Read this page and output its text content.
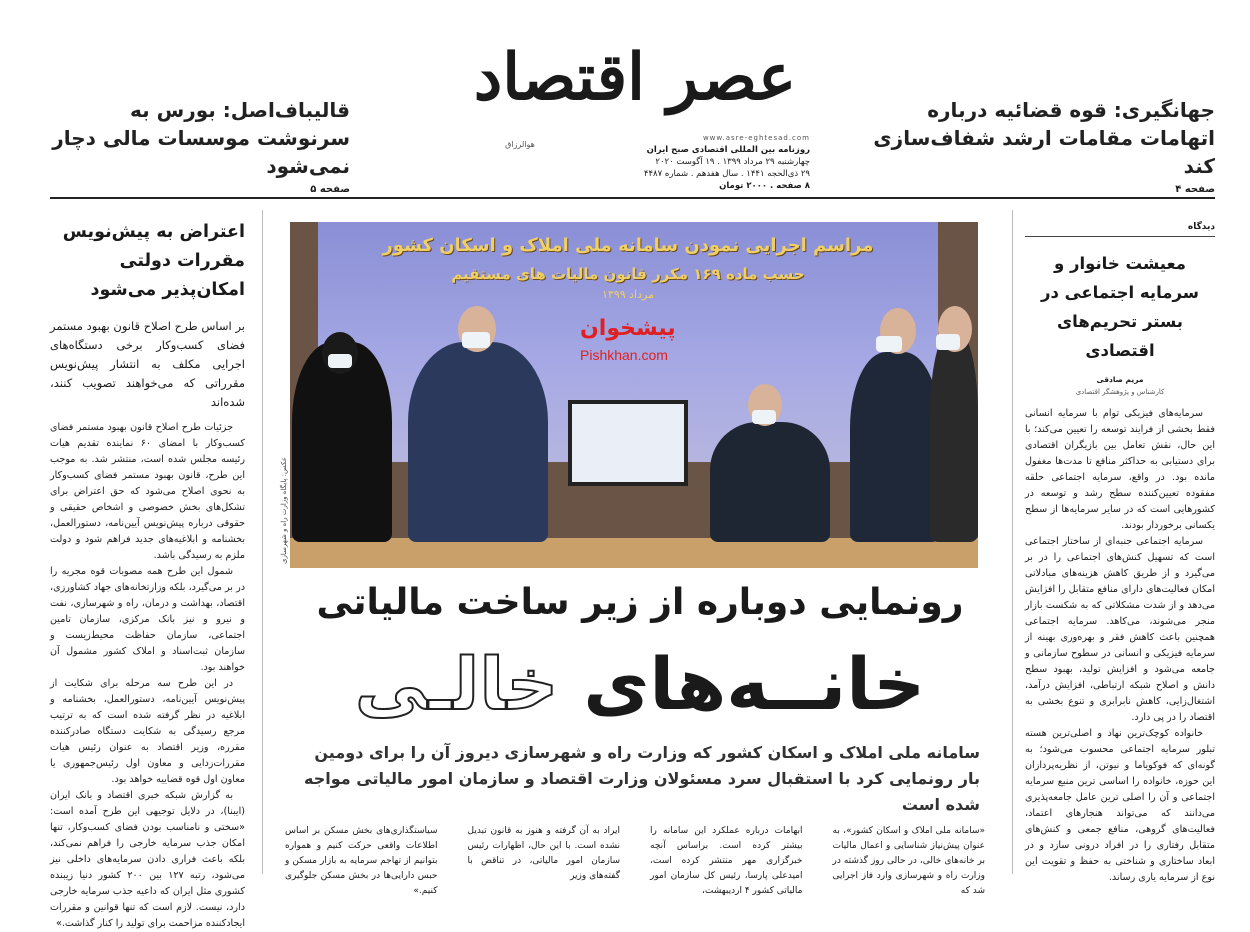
قالیباف‌اصل: بورس به سرنوشت موسسات مالی دچار نمی‌شود
صفحه ۵
جهانگیری: قوه قضائیه درباره اتهامات مقامات ارشد شفاف‌سازی کند
صفحه ۴
عصر اقتصاد
هوالرزاق
www.asre-eghtesad.com
روزنامه بین المللی اقتصادی صبح ایران
چهارشنبه ۲۹ مرداد ۱۳۹۹ . ۱۹ آگوست ۲۰۲۰
۲۹ ذی‌الحجه ۱۴۴۱ . سال هفدهم . شماره ۴۴۸۷
۸ صفحه . ۲۰۰۰ تومان
اعتراض به پیش‌نویس مقررات دولتی امکان‌پذیر می‌شود
بر اساس طرح اصلاح قانون بهبود مستمر فضای کسب‌وکار برخی دستگاه‌های اجرایی مکلف به انتشار پیش‌نویس مقرراتی که می‌خواهند تصویب کنند، شده‌اند

جزئیات طرح اصلاح قانون بهبود مستمر فضای کسب‌وکار با امضای ۶۰ نماینده تقدیم هیات رئیسه مجلس شده است، منتشر شد. به موجب این طرح، قانون بهبود مستمر فضای کسب‌وکار به نحوی اصلاح می‌شود که حق اعتراض برای تشکل‌های بخش خصوصی و اشخاص حقیقی و حقوقی درباره پیش‌نویس آیین‌نامه، دستورالعمل، بخشنامه و ابلاغیه‌های جدید فراهم شود و دولت ملزم به رسیدگی باشد.

شمول این طرح همه مصوبات قوه مجریه را در بر می‌گیرد، بلکه وزارتخانه‌های جهاد کشاورزی، اقتصاد، بهداشت و درمان، راه و شهرسازی، نفت و نیرو و نیز بانک مرکزی، سازمان تامین اجتماعی، سازمان حفاظت محیط‌زیست و سازمان ثبت‌اسناد و املاک کشور مشمول آن خواهند بود.

در این طرح سه مرحله برای شکایت از پیش‌نویس آیین‌نامه، دستورالعمل، بخشنامه و ابلاغیه در نظر گرفته شده است که به ترتیب مرجع رسیدگی به شکایت دستگاه صادرکننده مقرره، وزیر اقتصاد به عنوان رئیس هیات مقررات‌زدایی و معاون اول رئیس‌جمهوری یا معاون اول قوه قضاییه خواهد بود.

به گزارش شبکه خبری اقتصاد و بانک ایران (ایبنا)، در دلایل توجیهی این طرح آمده است: «سختی و نامناسب بودن فضای کسب‌وکار، تنها امکان جذب سرمایه خارجی را فراهم نمی‌کند، بلکه باعث فراری دادن سرمایه‌های داخلی نیز می‌شود، رتبه ۱۲۷ بین ۲۰۰ کشور دنیا زیبنده کشوری مثل ایران که داعیه جذب سرمایه خارجی دارد، نیست. لازم است که تنها قوانین و مقررات ایجادکننده مزاحمت برای تولید را کنار گذاشت.»

دیدگاه
معیشت خانوار و سرمایه اجتماعی در بستر تحریم‌های اقتصادی
مریم صادقی
کارشناس و پژوهشگر اقتصادی

سرمایه‌های فیزیکی توام با سرمایه انسانی فقط بخشی از فرایند توسعه را تعیین می‌کند؛ با این حال، نقش تعامل بین بازیگران اقتصادی برای دستیابی به حداکثر منافع تا مدت‌ها مغفول مانده بود. در واقع، سرمایه اجتماعی حلقه مفقوده تعیین‌کننده سطح رشد و توسعه در کشورهایی است که در سایر سرمایه‌ها از سطح یکسانی برخوردار بودند.

سرمایه اجتماعی جنبه‌ای از ساختار اجتماعی است که تسهیل کنش‌های اجتماعی را در بر می‌گیرد و از طریق کاهش هزینه‌های مبادلاتی امکان فعالیت‌های دارای منافع متقابل را افزایش می‌دهد و از شدت مشکلاتی که به شکست بازار منجر می‌شوند، می‌کاهد. سرمایه اجتماعی همچنین باعث کاهش فقر و بهره‌وری بهینه از سرمایه فیزیکی و انسانی در سطوح سازمانی و جامعه می‌شود و افزایش تولید، بهبود سطح دانش و اصلاح شبکه ارتباطی، افزایش درآمد، اشتغال‌زایی، کاهش نابرابری و تنوع بخشی به اقتصاد را در پی دارد.

خانواده کوچک‌ترین نهاد و اصلی‌ترین هسته تبلور سرمایه اجتماعی محسوب می‌شود؛ به گونه‌ای که فوکویاما و نیوتن، از نظریه‌پردازان این حوزه، خانواده را اساسی ترین منبع سرمایه اجتماعی و آن را اصلی ترین عامل جامعه‌پذیری می‌دانند که می‌تواند هنجارهای اعتماد، فعالیت‌های گروهی، منافع جمعی و کنش‌های متقابل رفتاری را در افراد درونی سازد و در ابعاد ساختاری و شناختی به حفظ و تقویت این نوع از سرمایه یاری رساند.

عکس: پایگاه وزارت راه و شهرسازی
مراسم اجرایی نمودن سامانه ملی املاک و اسکان کشور
حسب ماده ۱۶۹ مکرر قانون مالیات های مستقیم
مرداد ۱۳۹۹
پیشخوان
Pishkhan.com
رونمایی دوباره از زیر ساخت مالیاتی
خانــه‌های خالـی
سامانه ملی املاک و اسکان کشور که وزارت راه و شهرسازی دیروز آن را برای دومین بار رونمایی کرد با استقبال سرد مسئولان وزارت اقتصاد و سازمان امور مالیاتی مواجه شده است
«سامانه ملی املاک و اسکان کشور»، به عنوان پیش‌نیاز شناسایی و اعمال مالیات بر خانه‌های خالی، در حالی روز گذشته در وزارت راه و شهرسازی وارد فاز اجرایی شد که
ابهامات درباره عملکرد این سامانه را بیشتر کرده است. براساس آنچه خبرگزاری مهر منتشر کرده است، امیدعلی پارسا، رئیس کل سازمان امور مالیاتی کشور ۴ اردیبهشت،
ایراد به آن گرفته و هنوز به قانون تبدیل نشده است. با این حال، اظهارات رئیس سازمان امور مالیاتی، در تناقض با گفته‌های وزیر
سیاستگذاری‌های بخش مسکن بر اساس اطلاعات واقعی حرکت کنیم و همواره بتوانیم از تهاجم سرمایه به بازار مسکن و حبس دارایی‌ها در بخش مسکن جلوگیری کنیم.»
